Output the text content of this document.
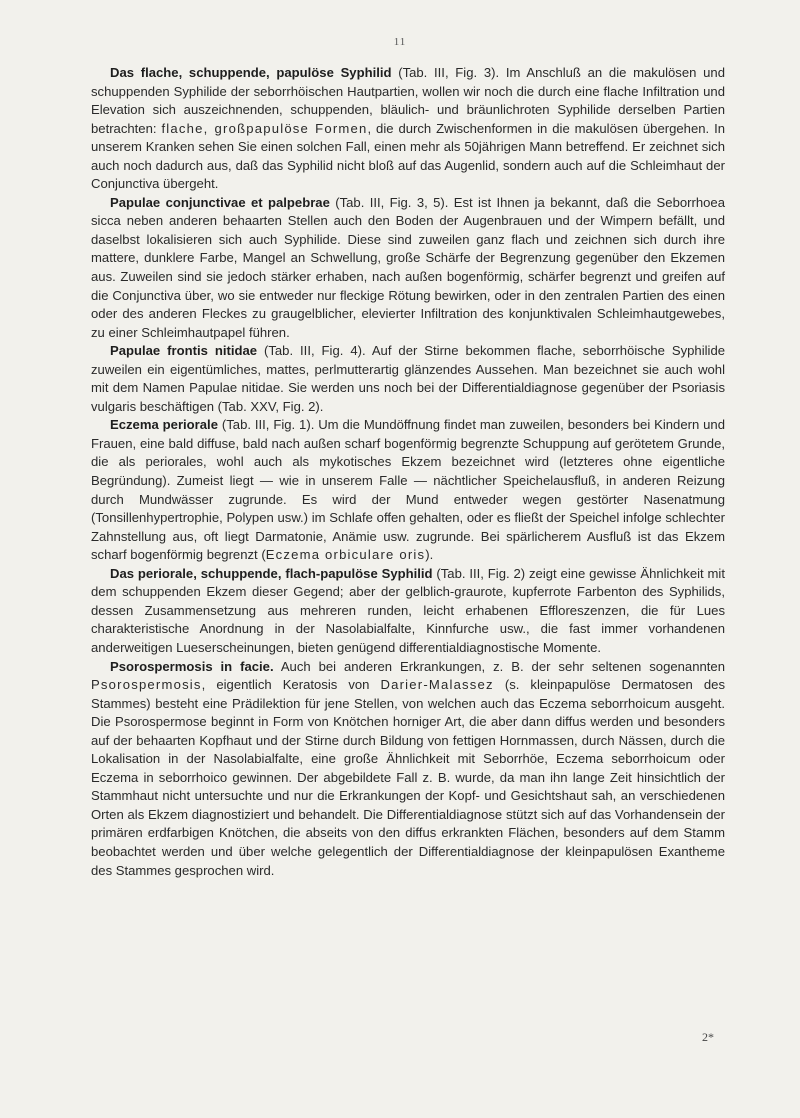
11

Das flache, schuppende, papulöse Syphilid (Tab. III, Fig. 3). Im Anschluß an die makulösen und schuppenden Syphilide der seborrhöischen Hautpartien, wollen wir noch die durch eine flache Infiltration und Elevation sich auszeichnenden, schuppenden, bläulich- und bräunlichroten Syphilide derselben Partien betrachten: flache, großpapulöse Formen, die durch Zwischenformen in die makulösen übergehen. In unserem Kranken sehen Sie einen solchen Fall, einen mehr als 50jährigen Mann betreffend. Er zeichnet sich auch noch dadurch aus, daß das Syphilid nicht bloß auf das Augenlid, sondern auch auf die Schleimhaut der Conjunctiva übergeht.

Papulae conjunctivae et palpebrae (Tab. III, Fig. 3, 5). Est ist Ihnen ja bekannt, daß die Seborrhoea sicca neben anderen behaarten Stellen auch den Boden der Augenbrauen und der Wimpern befällt, und daselbst lokalisieren sich auch Syphilide. Diese sind zuweilen ganz flach und zeichnen sich durch ihre mattere, dunklere Farbe, Mangel an Schwellung, große Schärfe der Begrenzung gegenüber den Ekzemen aus. Zuweilen sind sie jedoch stärker erhaben, nach außen bogenförmig, schärfer begrenzt und greifen auf die Conjunctiva über, wo sie entweder nur fleckige Rötung bewirken, oder in den zentralen Partien des einen oder des anderen Fleckes zu graugelblicher, elevierter Infiltration des konjunktivalen Schleimhautgewebes, zu einer Schleimhautpapel führen.

Papulae frontis nitidae (Tab. III, Fig. 4). Auf der Stirne bekommen flache, seborrhöische Syphilide zuweilen ein eigentümliches, mattes, perlmutterartig glänzendes Aussehen. Man bezeichnet sie auch wohl mit dem Namen Papulae nitidae. Sie werden uns noch bei der Differentialdiagnose gegenüber der Psoriasis vulgaris beschäftigen (Tab. XXV, Fig. 2).

Eczema periorale (Tab. III, Fig. 1). Um die Mundöffnung findet man zuweilen, besonders bei Kindern und Frauen, eine bald diffuse, bald nach außen scharf bogenförmig begrenzte Schuppung auf gerötetem Grunde, die als periorales, wohl auch als mykotisches Ekzem bezeichnet wird (letzteres ohne eigentliche Begründung). Zumeist liegt — wie in unserem Falle — nächtlicher Speichelausfluß, in anderen Reizung durch Mundwässer zugrunde. Es wird der Mund entweder wegen gestörter Nasenatmung (Tonsillenhypertrophie, Polypen usw.) im Schlafe offen gehalten, oder es fließt der Speichel infolge schlechter Zahnstellung aus, oft liegt Darmatonie, Anämie usw. zugrunde. Bei spärlicherem Ausfluß ist das Ekzem scharf bogenförmig begrenzt (Eczema orbiculare oris).

Das periorale, schuppende, flach-papulöse Syphilid (Tab. III, Fig. 2) zeigt eine gewisse Ähnlichkeit mit dem schuppenden Ekzem dieser Gegend; aber der gelblich-graurote, kupferrote Farbenton des Syphilids, dessen Zusammensetzung aus mehreren runden, leicht erhabenen Effloreszenzen, die für Lues charakteristische Anordnung in der Nasolabialfalte, Kinnfurche usw., die fast immer vorhandenen anderweitigen Lueserscheinungen, bieten genügend differentialdiagnostische Momente.

Psorospermosis in facie. Auch bei anderen Erkrankungen, z. B. der sehr seltenen sogenannten Psorospermosis, eigentlich Keratosis von Darier-Malassez (s. kleinpapulöse Dermatosen des Stammes) besteht eine Prädilektion für jene Stellen, von welchen auch das Eczema seborrhoicum ausgeht. Die Psorospermose beginnt in Form von Knötchen horniger Art, die aber dann diffus werden und besonders auf der behaarten Kopfhaut und der Stirne durch Bildung von fettigen Hornmassen, durch Nässen, durch die Lokalisation in der Nasolabialfalte, eine große Ähnlichkeit mit Seborrhöe, Eczema seborrhoicum oder Eczema in seborrhoico gewinnen. Der abgebildete Fall z. B. wurde, da man ihn lange Zeit hinsichtlich der Stammhaut nicht untersuchte und nur die Erkrankungen der Kopf- und Gesichtshaut sah, an verschiedenen Orten als Ekzem diagnostiziert und behandelt. Die Differentialdiagnose stützt sich auf das Vorhandensein der primären erdfarbigen Knötchen, die abseits von den diffus erkrankten Flächen, besonders auf dem Stamm beobachtet werden und über welche gelegentlich der Differentialdiagnose der kleinpapulösen Exantheme des Stammes gesprochen wird.

2*
